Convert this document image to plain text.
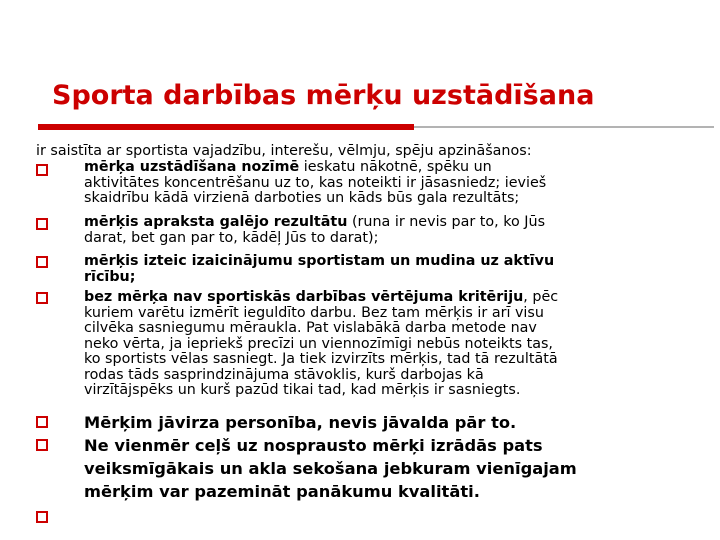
Sporta darbības mērķu uzstādīšana
ir saistīta ar sportista vajadzību, interešu, vēlmju, spēju apzināšanos:
mērķa uzstādīšana nozīmē ieskatu nākotnē, spēku un
aktivitātes koncentrēšanu uz to, kas noteikti ir jāsasniedz; ievieš
skaidrību kādā virzienā darboties un kāds būs gala rezultāts;
mērķis apraksta galējo rezultātu (runa ir nevis par to, ko Jūs
darat, bet gan par to, kādēļ Jūs to darat);
mērķis izteic izaicinājumu sportistam un mudina uz aktīvu
rīcību;
bez mērķa nav sportiskās darbības vērtējuma kritēriju, pēc
kuriem varētu izmērīt ieguldīto darbu. Bez tam mērķis ir arī visu
cilvēka sasniegumu mēraukla. Pat vislabākā darba metode nav
neko vērta, ja iepriekš precīzi un viennozīmīgi nebūs noteikts tas,
ko sportists vēlas sasniegt. Ja tiek izvirzīts mērķis, tad tā rezultātā
rodas tāds sasprindzinājuma stāvoklis, kurš darbojas kā
virzītājspēks un kurš pazūd tikai tad, kad mērķis ir sasniegts.
Mērķim jāvirza personība, nevis jāvalda pār to.
Ne vienmēr ceļš uz nosprausto mērķi izrādās pats
veiksmīgākais un akla sekošana jebkuram vienīgajam
mērķim var pazemināt panākumu kvalitāti.
